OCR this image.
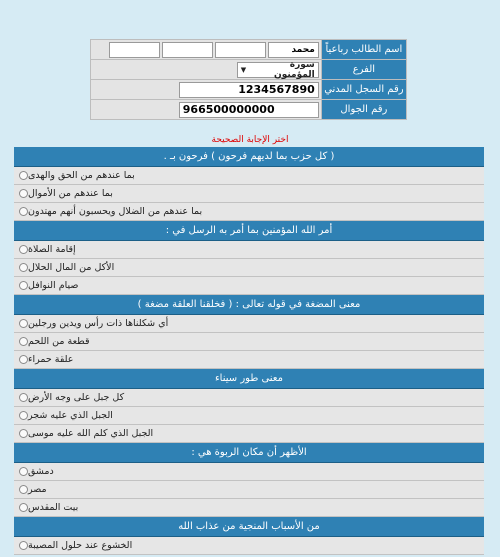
محمد
	اسم الطالب رباعياً

سورة المؤمنون
▼	الفرع

1234567890
	رقم السجل المدني

966500000000
	رقم الجوال
اختر الإجابة الصحيحة
( كل حزب بما لديهم فرحون ) فرحون بـ .
بما عندهم من الحق والهدى
بما عندهم من الأموال
بما عندهم من الضلال ويحسبون أنهم مهتدون
أمر الله المؤمنين بما أمر به الرسل في :
إقامة الصلاة
الأكل من المال الحلال
صيام النوافل
معنى المضغة في قوله تعالى : ( فخلقنا العلقة مضغة )
أي شكلناها ذات رأس ويدين ورجلين
قطعة من اللحم
علقة حمراء
معنى طور سيناء
كل جبل على وجه الأرض
الجبل الذي عليه شجر
الجبل الذي كلم الله عليه موسى
الأظهر أن مكان الربوة هي :
دمشق
مصر
بيت المقدس
من الأسباب المنجية من عذاب الله
الخشوع عند حلول المصيبة
